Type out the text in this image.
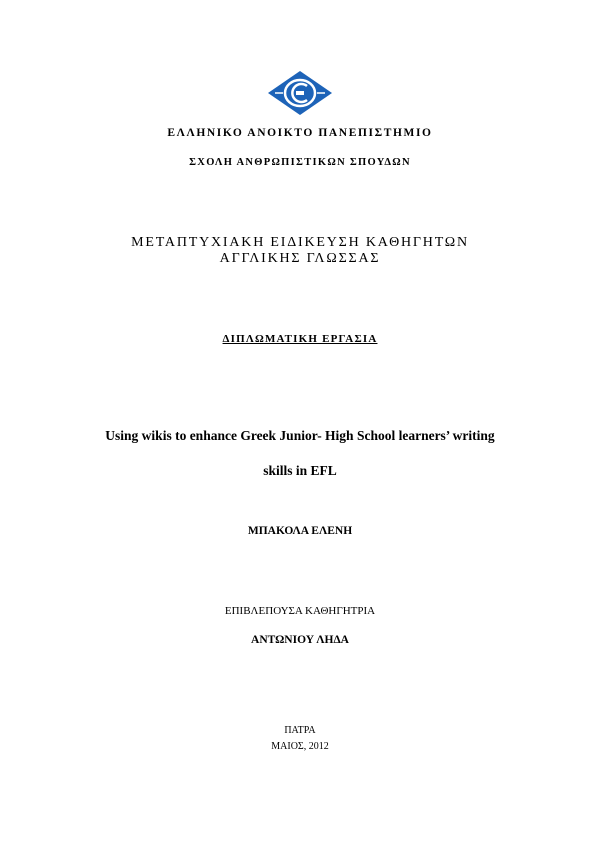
ΕΛΛΗΝΙΚΟ ΑΝΟΙΚΤΟ ΠΑΝΕΠΙΣΤΗΜΙΟ
ΣΧΟΛΗ ΑΝΘΡΩΠΙΣΤΙΚΩΝ ΣΠΟΥΔΩΝ
ΜΕΤΑΠΤΥΧΙΑΚΗ ΕΙΔΙΚΕΥΣΗ ΚΑΘΗΓΗΤΩΝ
ΑΓΓΛΙΚΗΣ ΓΛΩΣΣΑΣ
ΔΙΠΛΩΜΑΤΙΚΗ ΕΡΓΑΣΙΑ
Using wikis to enhance Greek Junior- High School learners’ writing
skills in EFL
ΜΠΑΚΟΛΑ ΕΛΕΝΗ
ΕΠΙΒΛΕΠΟΥΣΑ ΚΑΘΗΓΗΤΡΙΑ
ΑΝΤΩΝΙΟΥ ΛΗΔΑ
ΠΑΤΡΑ
ΜΑΙΟΣ, 2012
